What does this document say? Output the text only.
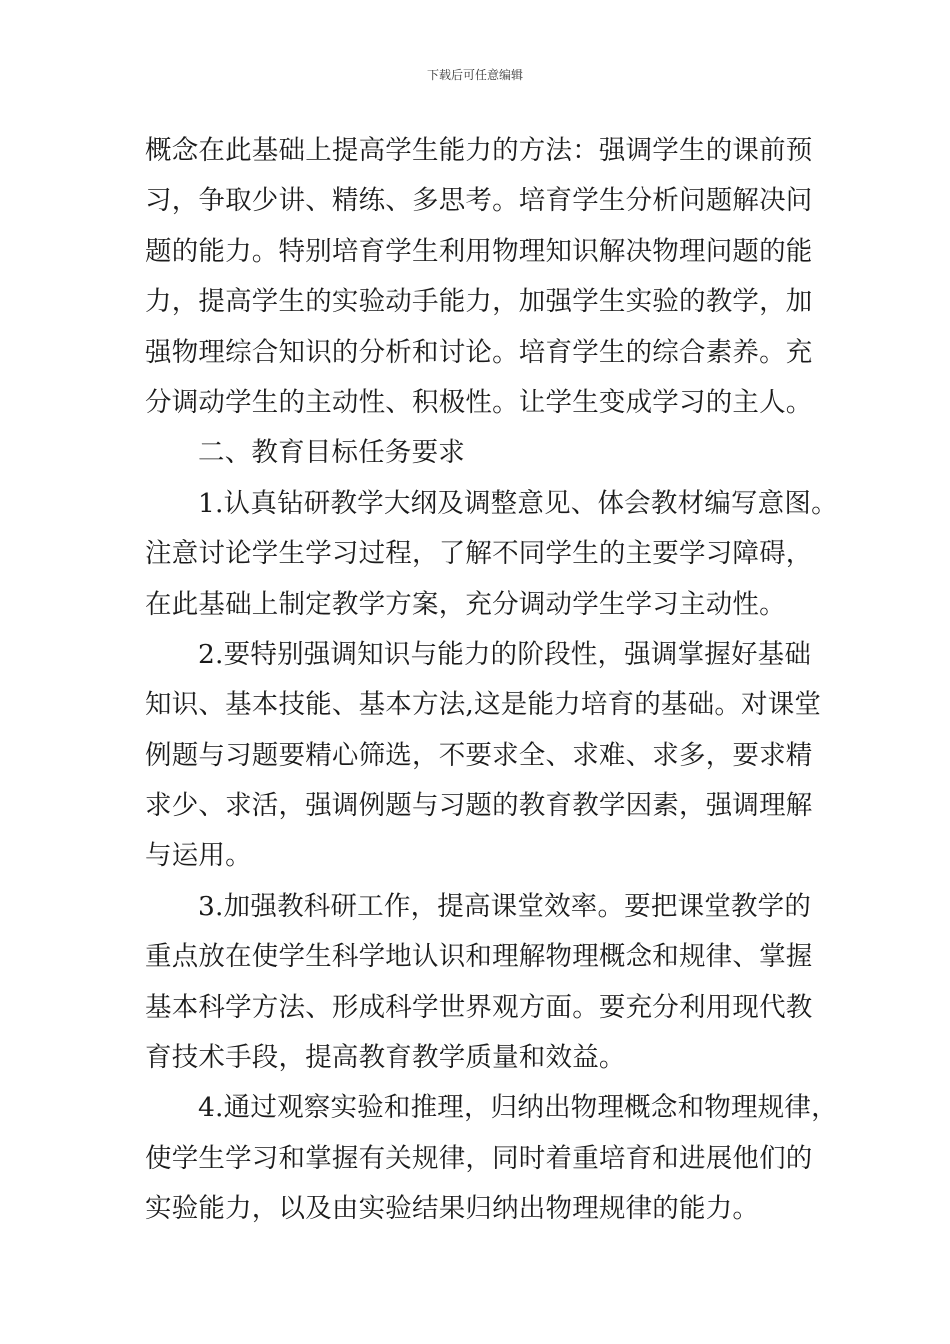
下载后可任意编辑
概念在此基础上提高学生能力的方法：强调学生的课前预
习，争取少讲、精练、多思考。培育学生分析问题解决问
题的能力。特别培育学生利用物理知识解决物理问题的能
力，提高学生的实验动手能力，加强学生实验的教学，加
强物理综合知识的分析和讨论。培育学生的综合素养。充
分调动学生的主动性、积极性。让学生变成学习的主人。
二、教育目标任务要求
1.认真钻研教学大纲及调整意见、体会教材编写意图。
注意讨论学生学习过程，了解不同学生的主要学习障碍，
在此基础上制定教学方案，充分调动学生学习主动性。
2.要特别强调知识与能力的阶段性，强调掌握好基础
知识、基本技能、基本方法,这是能力培育的基础。对课堂
例题与习题要精心筛选，不要求全、求难、求多，要求精
求少、求活，强调例题与习题的教育教学因素，强调理解
与运用。
3.加强教科研工作，提高课堂效率。要把课堂教学的
重点放在使学生科学地认识和理解物理概念和规律、掌握
基本科学方法、形成科学世界观方面。要充分利用现代教
育技术手段，提高教育教学质量和效益。
4.通过观察实验和推理，归纳出物理概念和物理规律，
使学生学习和掌握有关规律，同时着重培育和进展他们的
实验能力，以及由实验结果归纳出物理规律的能力。
